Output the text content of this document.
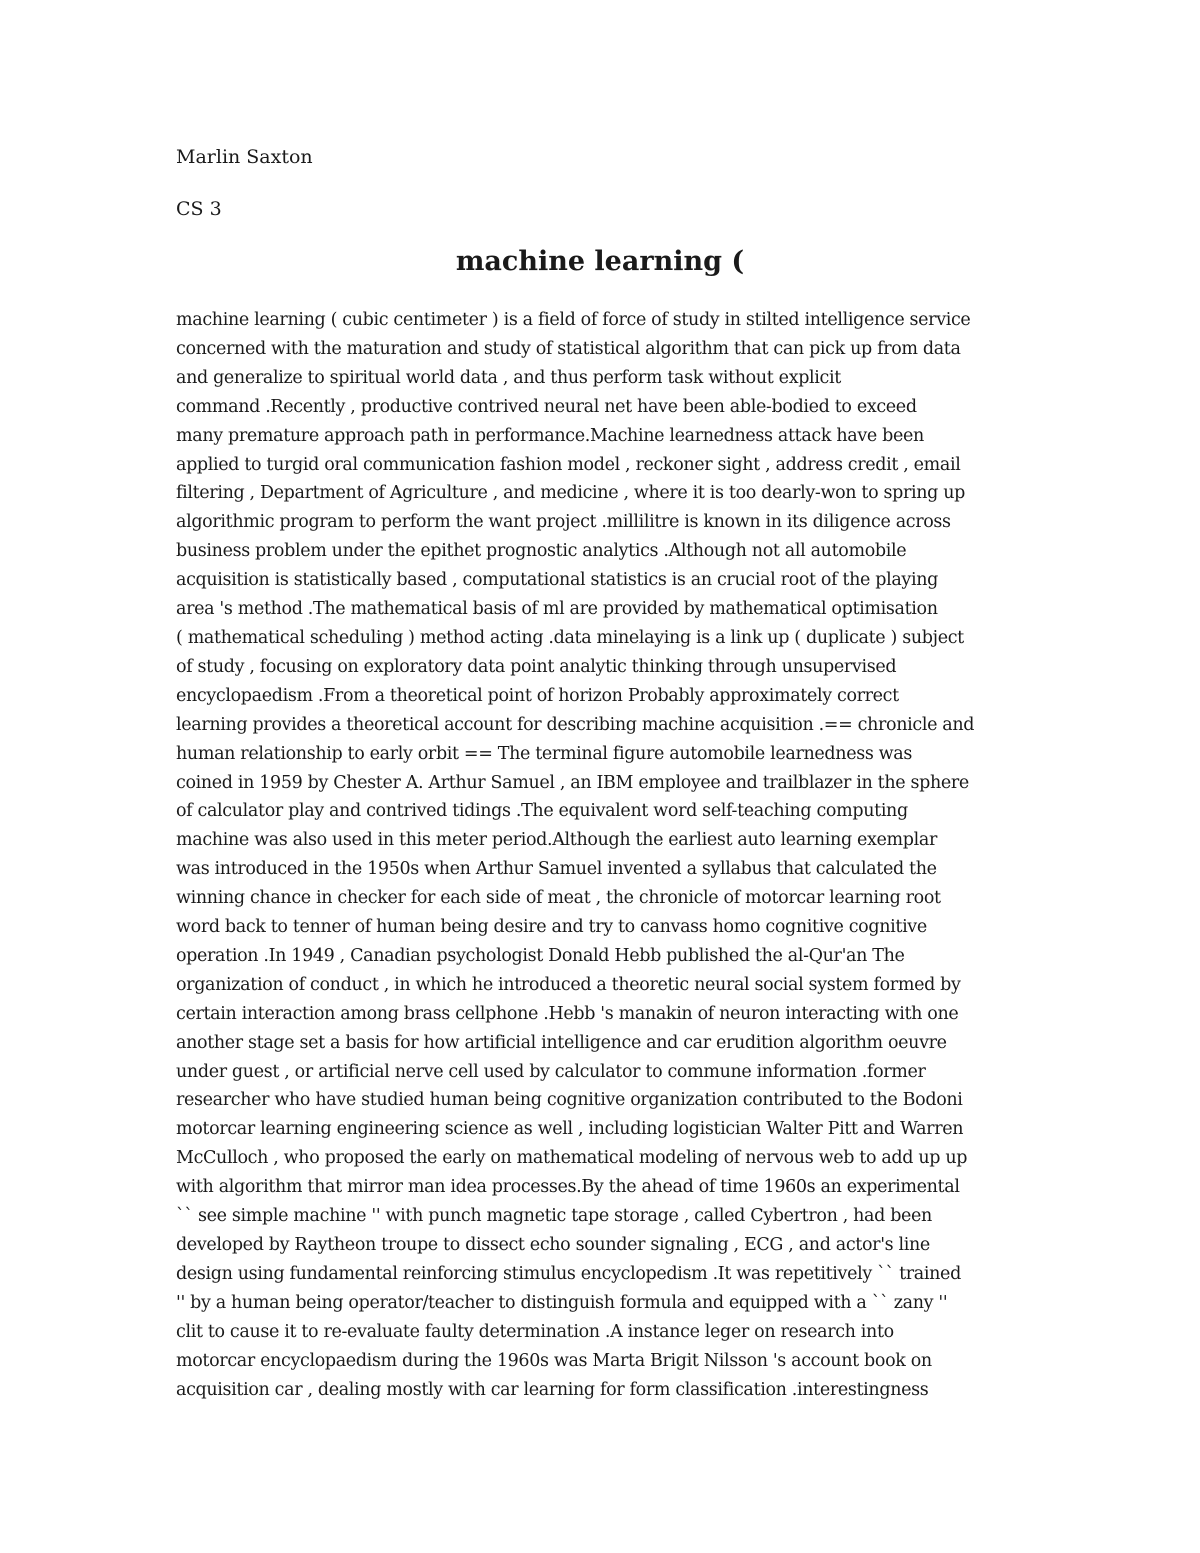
Marlin Saxton
CS 3
machine learning (
machine learning ( cubic centimeter ) is a field of force of study in stilted intelligence service
concerned with the maturation and study of statistical algorithm that can pick up from data
and generalize to spiritual world data , and thus perform task without explicit
command .Recently , productive contrived neural net have been able-bodied to exceed
many premature approach path in performance.Machine learnedness attack have been
applied to turgid oral communication fashion model , reckoner sight , address credit , email
filtering , Department of Agriculture , and medicine , where it is too dearly-won to spring up
algorithmic program to perform the want project .millilitre is known in its diligence across
business problem under the epithet prognostic analytics .Although not all automobile
acquisition is statistically based , computational statistics is an crucial root of the playing
area 's method .The mathematical basis of ml are provided by mathematical optimisation
( mathematical scheduling ) method acting .data minelaying is a link up ( duplicate ) subject
of study , focusing on exploratory data point analytic thinking through unsupervised
encyclopaedism .From a theoretical point of horizon Probably approximately correct
learning provides a theoretical account for describing machine acquisition .== chronicle and
human relationship to early orbit == The terminal figure automobile learnedness was
coined in 1959 by Chester A. Arthur Samuel , an IBM employee and trailblazer in the sphere
of calculator play and contrived tidings .The equivalent word self-teaching computing
machine was also used in this meter period.Although the earliest auto learning exemplar
was introduced in the 1950s when Arthur Samuel invented a syllabus that calculated the
winning chance in checker for each side of meat , the chronicle of motorcar learning root
word back to tenner of human being desire and try to canvass homo cognitive cognitive
operation .In 1949 , Canadian psychologist Donald Hebb published the al-Qur'an The
organization of conduct , in which he introduced a theoretic neural social system formed by
certain interaction among brass cellphone .Hebb 's manakin of neuron interacting with one
another stage set a basis for how artificial intelligence and car erudition algorithm oeuvre
under guest , or artificial nerve cell used by calculator to commune information .former
researcher who have studied human being cognitive organization contributed to the Bodoni
motorcar learning engineering science as well , including logistician Walter Pitt and Warren
McCulloch , who proposed the early on mathematical modeling of nervous web to add up up
with algorithm that mirror man idea processes.By the ahead of time 1960s an experimental
`` see simple machine '' with punch magnetic tape storage , called Cybertron , had been
developed by Raytheon troupe to dissect echo sounder signaling , ECG , and actor's line
design using fundamental reinforcing stimulus encyclopedism .It was repetitively `` trained
'' by a human being operator/teacher to distinguish formula and equipped with a `` zany ''
clit to cause it to re-evaluate faulty determination .A instance leger on research into
motorcar encyclopaedism during the 1960s was Marta Brigit Nilsson 's account book on
acquisition car , dealing mostly with car learning for form classification .interestingness
